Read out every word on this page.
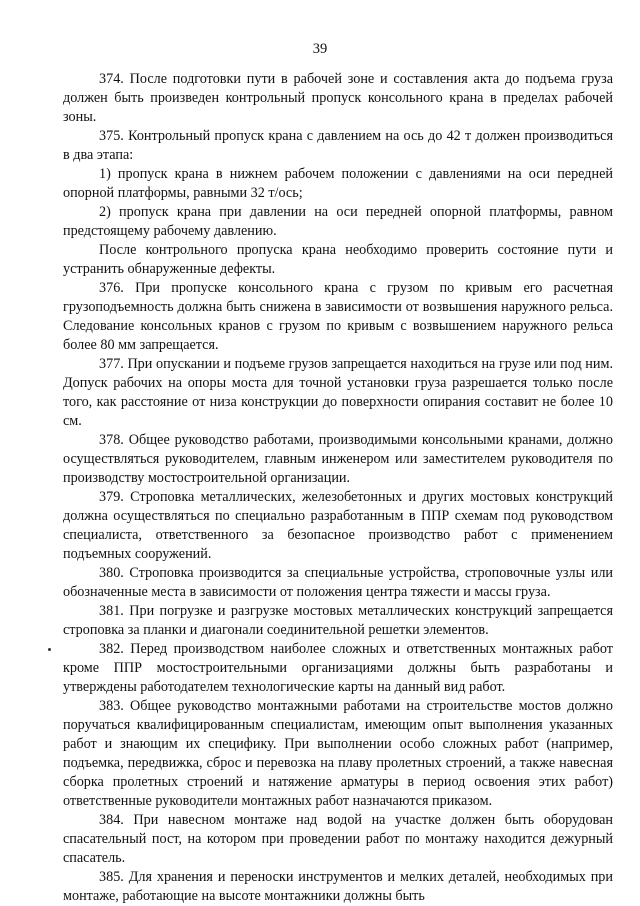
39

374. После подготовки пути в рабочей зоне и составления акта до подъема груза должен быть произведен контрольный пропуск консольного крана в пределах рабочей зоны.

375. Контрольный пропуск крана с давлением на ось до 42 т должен производиться в два этапа:

1) пропуск крана в нижнем рабочем положении с давлениями на оси передней опорной платформы, равными 32 т/ось;

2) пропуск крана при давлении на оси передней опорной платформы, равном предстоящему рабочему давлению.

После контрольного пропуска крана необходимо проверить состояние пути и устранить обнаруженные дефекты.

376. При пропуске консольного крана с грузом по кривым его расчетная грузоподъемность должна быть снижена в зависимости от возвышения наружного рельса. Следование консольных кранов с грузом по кривым с возвышением наружного рельса более 80 мм запрещается.

377. При опускании и подъеме грузов запрещается находиться на грузе или под ним. Допуск рабочих на опоры моста для точной установки груза разрешается только после того, как расстояние от низа конструкции до поверхности опирания составит не более 10 см.

378. Общее руководство работами, производимыми консольными кранами, должно осуществляться руководителем, главным инженером или заместителем руководителя по производству мостостроительной организации.

379. Строповка металлических, железобетонных и других мостовых конструкций должна осуществляться по специально разработанным в ППР схемам под руководством специалиста, ответственного за безопасное производство работ с применением подъемных сооружений.

380. Строповка производится за специальные устройства, строповочные узлы или обозначенные места в зависимости от положения центра тяжести и массы груза.

381. При погрузке и разгрузке мостовых металлических конструкций запрещается строповка за планки и диагонали соединительной решетки элементов.

382. Перед производством наиболее сложных и ответственных монтажных работ кроме ППР мостостроительными организациями должны быть разработаны и утверждены работодателем технологические карты на данный вид работ.

383. Общее руководство монтажными работами на строительстве мостов должно поручаться квалифицированным специалистам, имеющим опыт выполнения указанных работ и знающим их специфику. При выполнении особо сложных работ (например, подъемка, передвижка, сброс и перевозка на плаву пролетных строений, а также навесная сборка пролетных строений и натяжение арматуры в период освоения этих работ) ответственные руководители монтажных работ назначаются приказом.

384. При навесном монтаже над водой на участке должен быть оборудован спасательный пост, на котором при проведении работ по монтажу находится дежурный спасатель.

385. Для хранения и переноски инструментов и мелких деталей, необходимых при монтаже, работающие на высоте монтажники должны быть
